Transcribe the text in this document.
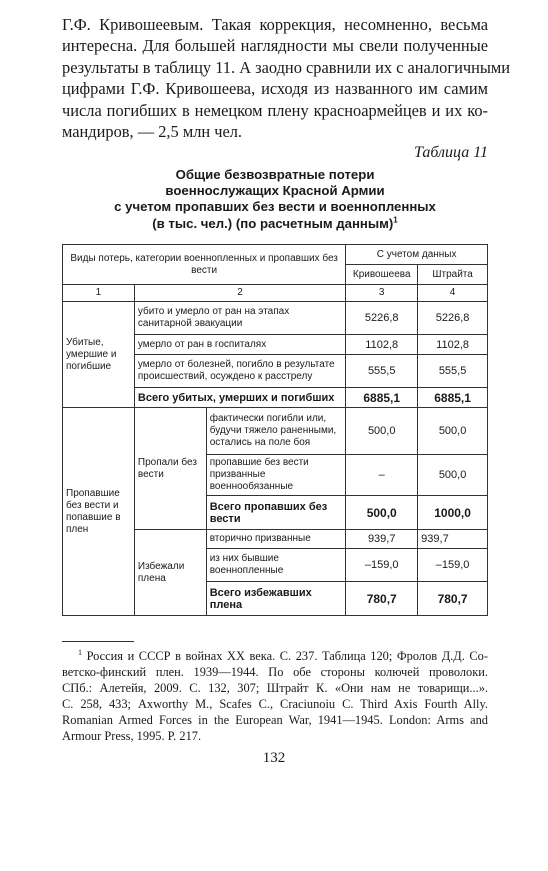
Г.Ф. Кривошеевым. Такая коррекция, несомненно, весьма
интересна. Для большей наглядности мы свели полученные
результаты в таблицу 11. А заодно сравнили их с аналогичными
цифрами Г.Ф. Кривошеева, исходя из названного им самим
числа погибших в немецком плену красноармейцев и их ко-
мандиров, — 2,5 млн чел.
Таблица 11
Общие безвозвратные потери
военнослужащих Красной Армии
с учетом пропавших без вести и военнопленных
(в тыс. чел.) (по расчетным данным)$^1$
Виды потерь, категории военнопленных и пропавших без вести			С учетом данных	
			Кривошеева	Штрайта
1	2		3	4
Убитые, умершие и погибшие	убито и умерло от ран на этапах санитарной эвакуации		5226,8	5226,8
	умерло от ран в госпиталях		1102,8	1102,8
	умерло от болезней, погибло в результате происшествий, осуждено к расстрелу		555,5	555,5
	Всего убитых, умерших и погибших		6885,1	6885,1
Пропавшие без вести и попавшие в плен	Пропали без вести	фактически погибли или, будучи тяжело раненными, остались на поле боя	500,0	500,0
		пропавшие без вести призванные военнообязанные	–	500,0
		Всего пропавших без вести	500,0	1000,0
	Избежали плена	вторично призванные	939,7	939,7
		из них бывшие военнопленные	–159,0	–159,0
		Всего избежавших плена	780,7	780,7
$^1$ Россия и СССР в войнах XX века. С. 237. Таблица 120; Фролов Д.Д. Со-
ветско-финский плен. 1939—1944. По обе стороны колючей проволоки.
СПб.: Алетейя, 2009. С. 132, 307; Штрайт К. «Они нам не товарищи...».
С. 258, 433; Axworthy M., Scafes C., Craciunoiu C. Third Axis Fourth Ally.
Romanian Armed Forces in the European War, 1941—1945. London: Arms and
Armour Press, 1995. P. 217.
132
